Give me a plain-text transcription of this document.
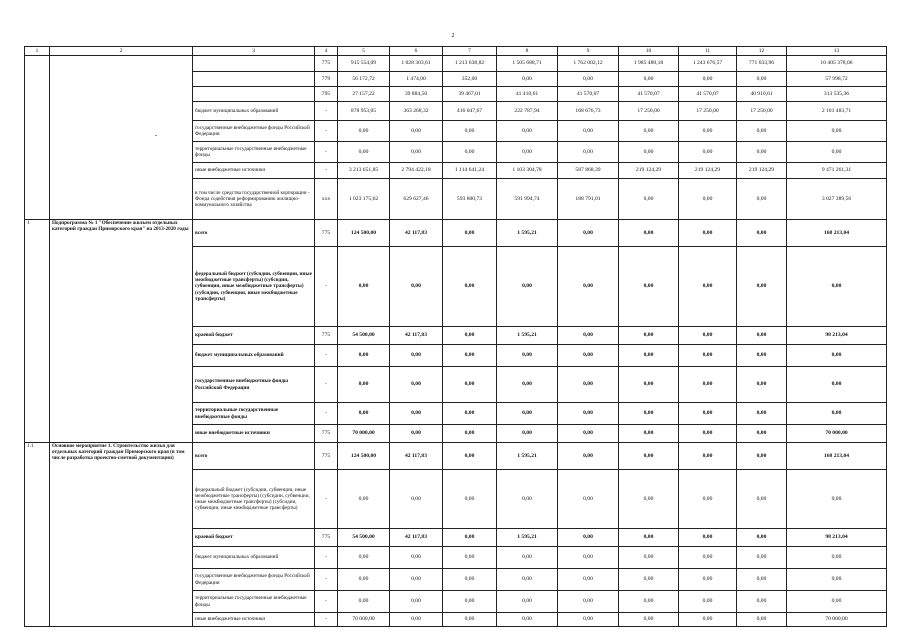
2
-
1	2	3	4	5	6	7	8	9	10	11	12	13
			775	915 554,09	1 028 303,61	1 213 638,82	1 505 688,71	1 762 002,12	1 985 480,18	1 243 676,57	771 033,96	10 405 378,06
			779	56 172,72	1 474,00	352,00	0,00	0,00	0,00	0,00	0,00	57 998,72
			795	27 157,22	39 884,50	39 467,01	41 410,61	41 570,07	41 570,07	41 570,07	40 910,61	313 535,36
		бюджет муниципальных образований	-	878 953,05	363 268,32	416 047,67	222 787,94	168 676,73	17 250,00	17 250,00	17 250,00	2 101 483,71
		государственные внебюджетные фонды Российской Федерации	-	0,00	0,00	0,00	0,00	0,00	0,00	0,00	0,00	0,00
		территориальные государственные внебюджетные фонды	-	0,00	0,00	0,00	0,00	0,00	0,00	0,00	0,00	0,00
		иные внебюджетные источники	-	3 213 651,85	2 794 422,18	1 114 641,24	1 103 304,78	587 868,39	219 124,29	219 124,29	219 124,29	9 471 261,31
		в том числе средства государственной корпорации - Фонда содействия реформированию жилищно-коммунального хозяйства	ххх	1 023 175,62	629 627,46	593 800,73	591 994,74	188 791,01	0,00	0,00	0,00	3 027 389,56
1	Подпрограмма № 1 "Обеспечение жильем отдельных категорий граждан Приморского края" на 2013-2020 годы	всего	775	124 500,00	42 117,83	0,00	1 595,21	0,00	0,00	0,00	0,00	168 213,04
		федеральный бюджет (субсидии, субвенции, иные межбюджетные трансферты) (субсидии, субвенции, иные межбюджетные трансферты) (субсидии, субвенции, иные межбюджетные трансферты)	-	0,00	0,00	0,00	0,00	0,00	0,00	0,00	0,00	0,00
		краевой бюджет	775	54 500,00	42 117,83	0,00	1 595,21	0,00	0,00	0,00	0,00	98 213,04
		бюджет муниципальных образований	-	0,00	0,00	0,00	0,00	0,00	0,00	0,00	0,00	0,00
		государственные внебюджетные фонды Российской Федерации	-	0,00	0,00	0,00	0,00	0,00	0,00	0,00	0,00	0,00
		территориальные государственные внебюджетные фонды	-	0,00	0,00	0,00	0,00	0,00	0,00	0,00	0,00	0,00
		иные внебюджетные источники	775	70 000,00	0,00	0,00	0,00	0,00	0,00	0,00	0,00	70 000,00
1.1	Основное мероприятие 1. Строительство жилья для отдельных категорий граждан Приморского края (в том числе разработка проектно-сметной документации)	всего	775	124 500,00	42 117,83	0,00	1 595,21	0,00	0,00	0,00	0,00	168 213,04
		федеральный бюджет (субсидии, субвенции, иные межбюджетные трансферты) (субсидии, субвенции, иные межбюджетные трансферты) (субсидии, субвенции, иные межбюджетные трансферты)	-	0,00	0,00	0,00	0,00	0,00	0,00	0,00	0,00	0,00
		краевой бюджет	775	54 500,00	42 117,83	0,00	1 595,21	0,00	0,00	0,00	0,00	98 213,04
		бюджет муниципальных образований	-	0,00	0,00	0,00	0,00	0,00	0,00	0,00	0,00	0,00
		государственные внебюджетные фонды Российской Федерации	-	0,00	0,00	0,00	0,00	0,00	0,00	0,00	0,00	0,00
		территориальные государственные внебюджетные фонды	-	0,00	0,00	0,00	0,00	0,00	0,00	0,00	0,00	0,00
		иные внебюджетные источники	-	70 000,00	0,00	0,00	0,00	0,00	0,00	0,00	0,00	70 000,00
